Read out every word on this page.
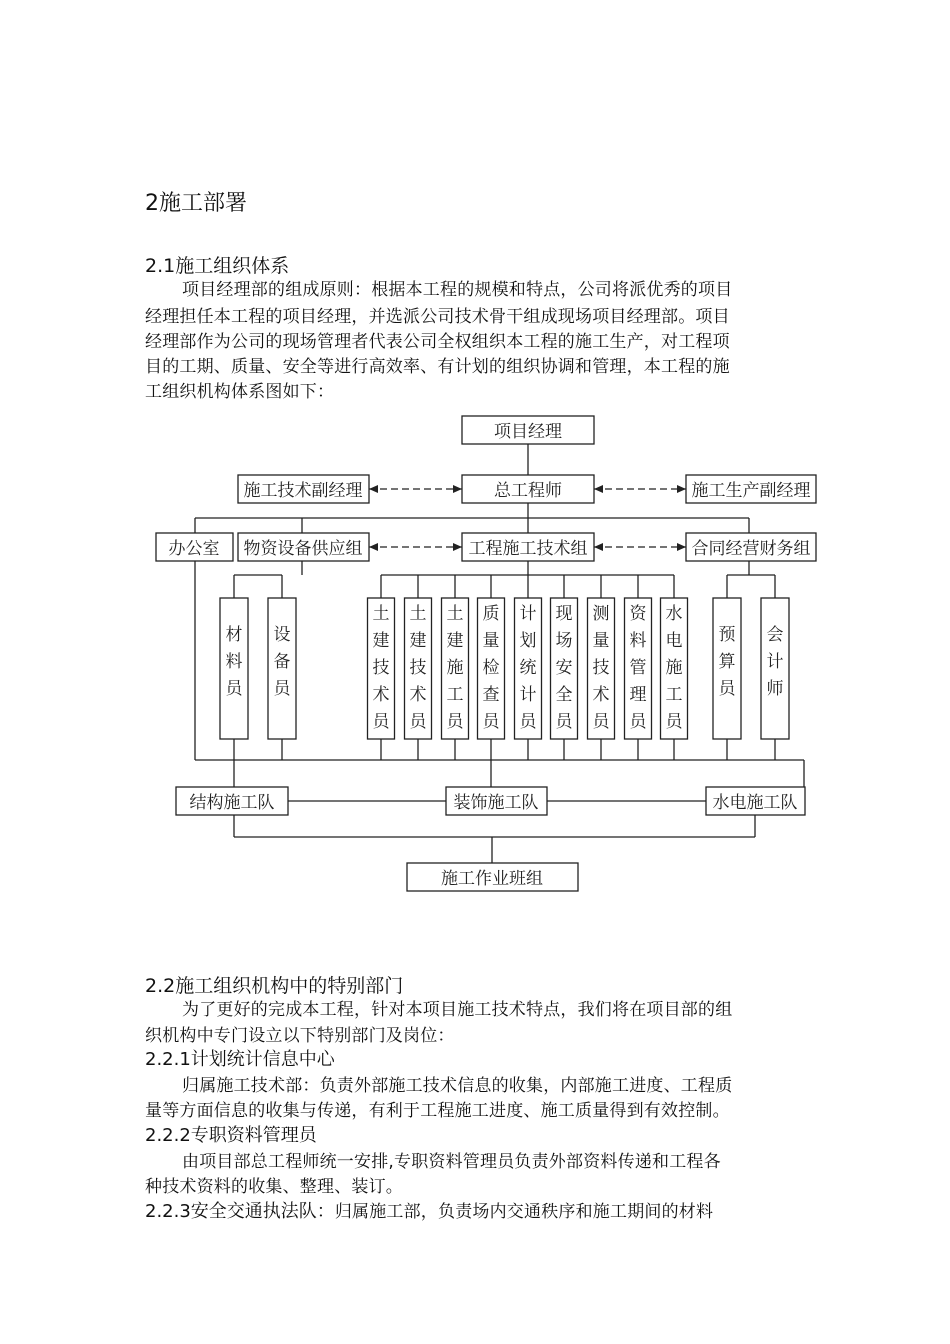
2施工部署
2.1施工组织体系
项目经理部的组成原则：根据本工程的规模和特点，公司将派优秀的项目
经理担任本工程的项目经理，并选派公司技术骨干组成现场项目经理部。项目
经理部作为公司的现场管理者代表公司全权组织本工程的施工生产，对工程项
目的工期、质量、安全等进行高效率、有计划的组织协调和管理，本工程的施
工组织机构体系图如下：
项目经理
施工技术副经理	总工程师	施工生产副经理
办公室 物资设备供应组	工程施工技术组	合同经营财务组
材
料
员
设
备
员
土
建
技
术
员
土
建
技
术
员
土
建
施
工
员
质
量
检
查
员
计
划
统
计
员
现
场
安
全
员
测
量
技
术
员
资
料
管
理
员
水
电
施
工
员
预
算
员
会
计
师
结构施工队	装饰施工队	水电施工队
施工作业班组
2.2施工组织机构中的特别部门
为了更好的完成本工程，针对本项目施工技术特点，我们将在项目部的组
织机构中专门设立以下特别部门及岗位：
2.2.1计划统计信息中心
归属施工技术部：负责外部施工技术信息的收集，内部施工进度、工程质
量等方面信息的收集与传递，有利于工程施工进度、施工质量得到有效控制。
2.2.2专职资料管理员
由项目部总工程师统一安排,专职资料管理员负责外部资料传递和工程各
种技术资料的收集、整理、装订。
2.2.3安全交通执法队：归属施工部，负责场内交通秩序和施工期间的材料
